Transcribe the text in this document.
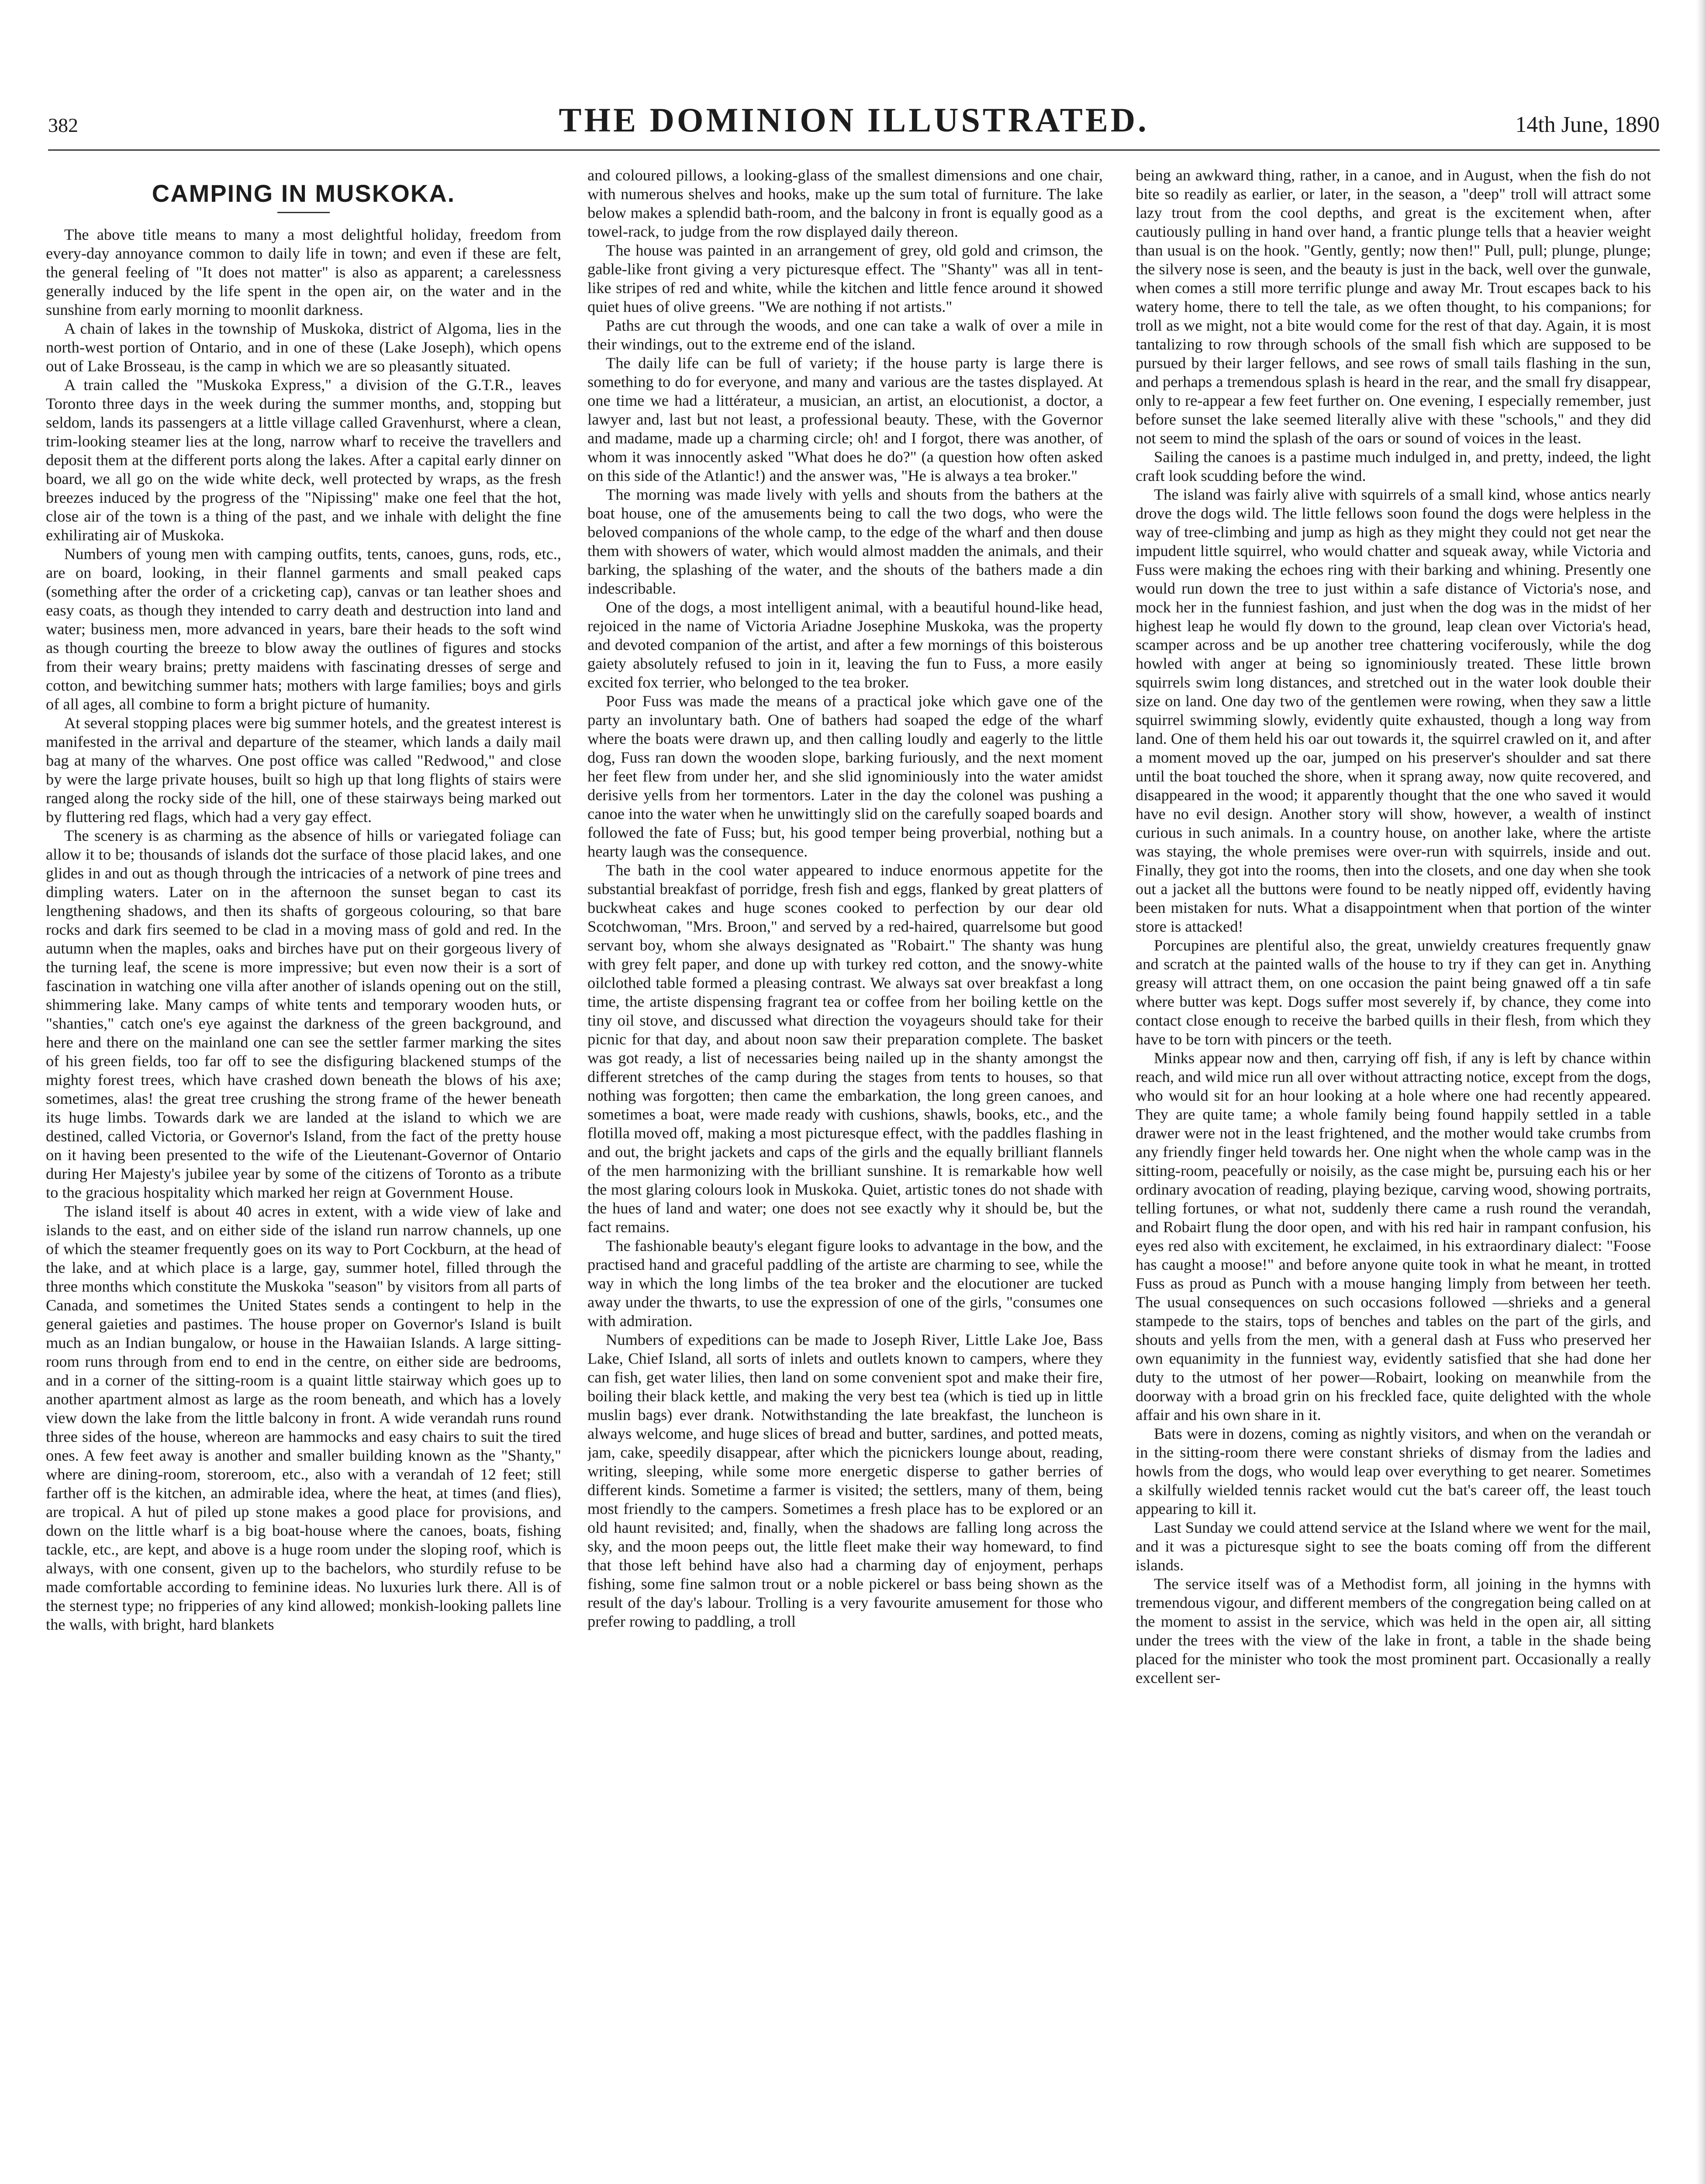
382	THE DOMINION ILLUSTRATED.	14th June, 1890
CAMPING IN MUSKOKA.

The above title means to many a most delightful holiday, freedom from every-day annoyance common to daily life in town; and even if these are felt, the general feeling of "It does not matter" is also as apparent; a carelessness generally induced by the life spent in the open air, on the water and in the sunshine from early morning to moonlit darkness.

A chain of lakes in the township of Muskoka, district of Algoma, lies in the north-west portion of Ontario, and in one of these (Lake Joseph), which opens out of Lake Brosseau, is the camp in which we are so pleasantly situated.

A train called the "Muskoka Express," a division of the G.T.R., leaves Toronto three days in the week during the summer months, and, stopping but seldom, lands its passengers at a little village called Gravenhurst, where a clean, trim-looking steamer lies at the long, narrow wharf to receive the travellers and deposit them at the different ports along the lakes. After a capital early dinner on board, we all go on the wide white deck, well protected by wraps, as the fresh breezes induced by the progress of the "Nipissing" make one feel that the hot, close air of the town is a thing of the past, and we inhale with delight the fine exhilirating air of Muskoka.

Numbers of young men with camping outfits, tents, canoes, guns, rods, etc., are on board, looking, in their flannel garments and small peaked caps (something after the order of a cricketing cap), canvas or tan leather shoes and easy coats, as though they intended to carry death and destruction into land and water; business men, more advanced in years, bare their heads to the soft wind as though courting the breeze to blow away the outlines of figures and stocks from their weary brains; pretty maidens with fascinating dresses of serge and cotton, and bewitching summer hats; mothers with large families; boys and girls of all ages, all combine to form a bright picture of humanity.

At several stopping places were big summer hotels, and the greatest interest is manifested in the arrival and departure of the steamer, which lands a daily mail bag at many of the wharves. One post office was called "Redwood," and close by were the large private houses, built so high up that long flights of stairs were ranged along the rocky side of the hill, one of these stairways being marked out by fluttering red flags, which had a very gay effect.

The scenery is as charming as the absence of hills or variegated foliage can allow it to be; thousands of islands dot the surface of those placid lakes, and one glides in and out as though through the intricacies of a network of pine trees and dimpling waters. Later on in the afternoon the sunset began to cast its lengthening shadows, and then its shafts of gorgeous colouring, so that bare rocks and dark firs seemed to be clad in a moving mass of gold and red. In the autumn when the maples, oaks and birches have put on their gorgeous livery of the turning leaf, the scene is more impressive; but even now their is a sort of fascination in watching one villa after another of islands opening out on the still, shimmering lake. Many camps of white tents and temporary wooden huts, or "shanties," catch one's eye against the darkness of the green background, and here and there on the mainland one can see the settler farmer marking the sites of his green fields, too far off to see the disfiguring blackened stumps of the mighty forest trees, which have crashed down beneath the blows of his axe; sometimes, alas! the great tree crushing the strong frame of the hewer beneath its huge limbs. Towards dark we are landed at the island to which we are destined, called Victoria, or Governor's Island, from the fact of the pretty house on it having been presented to the wife of the Lieutenant-Governor of Ontario during Her Majesty's jubilee year by some of the citizens of Toronto as a tribute to the gracious hospitality which marked her reign at Government House.

The island itself is about 40 acres in extent, with a wide view of lake and islands to the east, and on either side of the island run narrow channels, up one of which the steamer frequently goes on its way to Port Cockburn, at the head of the lake, and at which place is a large, gay, summer hotel, filled through the three months which constitute the Muskoka "season" by visitors from all parts of Canada, and sometimes the United States sends a contingent to help in the general gaieties and pastimes. The house proper on Governor's Island is built much as an Indian bungalow, or house in the Hawaiian Islands. A large sitting-room runs through from end to end in the centre, on either side are bedrooms, and in a corner of the sitting-room is a quaint little stairway which goes up to another apartment almost as large as the room beneath, and which has a lovely view down the lake from the little balcony in front. A wide verandah runs round three sides of the house, whereon are hammocks and easy chairs to suit the tired ones. A few feet away is another and smaller building known as the "Shanty," where are dining-room, storeroom, etc., also with a verandah of 12 feet; still farther off is the kitchen, an admirable idea, where the heat, at times (and flies), are tropical. A hut of piled up stone makes a good place for provisions, and down on the little wharf is a big boat-house where the canoes, boats, fishing tackle, etc., are kept, and above is a huge room under the sloping roof, which is always, with one consent, given up to the bachelors, who sturdily refuse to be made comfortable according to feminine ideas. No luxuries lurk there. All is of the sternest type; no fripperies of any kind allowed; monkish-looking pallets line the walls, with bright, hard blankets

and coloured pillows, a looking-glass of the smallest dimensions and one chair, with numerous shelves and hooks, make up the sum total of furniture. The lake below makes a splendid bath-room, and the balcony in front is equally good as a towel-rack, to judge from the row displayed daily thereon.

The house was painted in an arrangement of grey, old gold and crimson, the gable-like front giving a very picturesque effect. The "Shanty" was all in tent-like stripes of red and white, while the kitchen and little fence around it showed quiet hues of olive greens. "We are nothing if not artists."

Paths are cut through the woods, and one can take a walk of over a mile in their windings, out to the extreme end of the island.

The daily life can be full of variety; if the house party is large there is something to do for everyone, and many and various are the tastes displayed. At one time we had a littérateur, a musician, an artist, an elocutionist, a doctor, a lawyer and, last but not least, a professional beauty. These, with the Governor and madame, made up a charming circle; oh! and I forgot, there was another, of whom it was innocently asked "What does he do?" (a question how often asked on this side of the Atlantic!) and the answer was, "He is always a tea broker."

The morning was made lively with yells and shouts from the bathers at the boat house, one of the amusements being to call the two dogs, who were the beloved companions of the whole camp, to the edge of the wharf and then douse them with showers of water, which would almost madden the animals, and their barking, the splashing of the water, and the shouts of the bathers made a din indescribable.

One of the dogs, a most intelligent animal, with a beautiful hound-like head, rejoiced in the name of Victoria Ariadne Josephine Muskoka, was the property and devoted companion of the artist, and after a few mornings of this boisterous gaiety absolutely refused to join in it, leaving the fun to Fuss, a more easily excited fox terrier, who belonged to the tea broker.

Poor Fuss was made the means of a practical joke which gave one of the party an involuntary bath. One of bathers had soaped the edge of the wharf where the boats were drawn up, and then calling loudly and eagerly to the little dog, Fuss ran down the wooden slope, barking furiously, and the next moment her feet flew from under her, and she slid ignominiously into the water amidst derisive yells from her tormentors. Later in the day the colonel was pushing a canoe into the water when he unwittingly slid on the carefully soaped boards and followed the fate of Fuss; but, his good temper being proverbial, nothing but a hearty laugh was the consequence.

The bath in the cool water appeared to induce enormous appetite for the substantial breakfast of porridge, fresh fish and eggs, flanked by great platters of buckwheat cakes and huge scones cooked to perfection by our dear old Scotchwoman, "Mrs. Broon," and served by a red-haired, quarrelsome but good servant boy, whom she always designated as "Robairt." The shanty was hung with grey felt paper, and done up with turkey red cotton, and the snowy-white oilclothed table formed a pleasing contrast. We always sat over breakfast a long time, the artiste dispensing fragrant tea or coffee from her boiling kettle on the tiny oil stove, and discussed what direction the voyageurs should take for their picnic for that day, and about noon saw their preparation complete. The basket was got ready, a list of necessaries being nailed up in the shanty amongst the different stretches of the camp during the stages from tents to houses, so that nothing was forgotten; then came the embarkation, the long green canoes, and sometimes a boat, were made ready with cushions, shawls, books, etc., and the flotilla moved off, making a most picturesque effect, with the paddles flashing in and out, the bright jackets and caps of the girls and the equally brilliant flannels of the men harmonizing with the brilliant sunshine. It is remarkable how well the most glaring colours look in Muskoka. Quiet, artistic tones do not shade with the hues of land and water; one does not see exactly why it should be, but the fact remains.

The fashionable beauty's elegant figure looks to advantage in the bow, and the practised hand and graceful paddling of the artiste are charming to see, while the way in which the long limbs of the tea broker and the elocutioner are tucked away under the thwarts, to use the expression of one of the girls, "consumes one with admiration.

Numbers of expeditions can be made to Joseph River, Little Lake Joe, Bass Lake, Chief Island, all sorts of inlets and outlets known to campers, where they can fish, get water lilies, then land on some convenient spot and make their fire, boiling their black kettle, and making the very best tea (which is tied up in little muslin bags) ever drank. Notwithstanding the late breakfast, the luncheon is always welcome, and huge slices of bread and butter, sardines, and potted meats, jam, cake, speedily disappear, after which the picnickers lounge about, reading, writing, sleeping, while some more energetic disperse to gather berries of different kinds. Sometime a farmer is visited; the settlers, many of them, being most friendly to the campers. Sometimes a fresh place has to be explored or an old haunt revisited; and, finally, when the shadows are falling long across the sky, and the moon peeps out, the little fleet make their way homeward, to find that those left behind have also had a charming day of enjoyment, perhaps fishing, some fine salmon trout or a noble pickerel or bass being shown as the result of the day's labour. Trolling is a very favourite amusement for those who prefer rowing to paddling, a troll

being an awkward thing, rather, in a canoe, and in August, when the fish do not bite so readily as earlier, or later, in the season, a "deep" troll will attract some lazy trout from the cool depths, and great is the excitement when, after cautiously pulling in hand over hand, a frantic plunge tells that a heavier weight than usual is on the hook. "Gently, gently; now then!" Pull, pull; plunge, plunge; the silvery nose is seen, and the beauty is just in the back, well over the gunwale, when comes a still more terrific plunge and away Mr. Trout escapes back to his watery home, there to tell the tale, as we often thought, to his companions; for troll as we might, not a bite would come for the rest of that day. Again, it is most tantalizing to row through schools of the small fish which are supposed to be pursued by their larger fellows, and see rows of small tails flashing in the sun, and perhaps a tremendous splash is heard in the rear, and the small fry disappear, only to re-appear a few feet further on. One evening, I especially remember, just before sunset the lake seemed literally alive with these "schools," and they did not seem to mind the splash of the oars or sound of voices in the least.

Sailing the canoes is a pastime much indulged in, and pretty, indeed, the light craft look scudding before the wind.

The island was fairly alive with squirrels of a small kind, whose antics nearly drove the dogs wild. The little fellows soon found the dogs were helpless in the way of tree-climbing and jump as high as they might they could not get near the impudent little squirrel, who would chatter and squeak away, while Victoria and Fuss were making the echoes ring with their barking and whining. Presently one would run down the tree to just within a safe distance of Victoria's nose, and mock her in the funniest fashion, and just when the dog was in the midst of her highest leap he would fly down to the ground, leap clean over Victoria's head, scamper across and be up another tree chattering vociferously, while the dog howled with anger at being so ignominiously treated. These little brown squirrels swim long distances, and stretched out in the water look double their size on land. One day two of the gentlemen were rowing, when they saw a little squirrel swimming slowly, evidently quite exhausted, though a long way from land. One of them held his oar out towards it, the squirrel crawled on it, and after a moment moved up the oar, jumped on his preserver's shoulder and sat there until the boat touched the shore, when it sprang away, now quite recovered, and disappeared in the wood; it apparently thought that the one who saved it would have no evil design. Another story will show, however, a wealth of instinct curious in such animals. In a country house, on another lake, where the artiste was staying, the whole premises were over-run with squirrels, inside and out. Finally, they got into the rooms, then into the closets, and one day when she took out a jacket all the buttons were found to be neatly nipped off, evidently having been mistaken for nuts. What a disappointment when that portion of the winter store is attacked!

Porcupines are plentiful also, the great, unwieldy creatures frequently gnaw and scratch at the painted walls of the house to try if they can get in. Anything greasy will attract them, on one occasion the paint being gnawed off a tin safe where butter was kept. Dogs suffer most severely if, by chance, they come into contact close enough to receive the barbed quills in their flesh, from which they have to be torn with pincers or the teeth.

Minks appear now and then, carrying off fish, if any is left by chance within reach, and wild mice run all over without attracting notice, except from the dogs, who would sit for an hour looking at a hole where one had recently appeared. They are quite tame; a whole family being found happily settled in a table drawer were not in the least frightened, and the mother would take crumbs from any friendly finger held towards her. One night when the whole camp was in the sitting-room, peacefully or noisily, as the case might be, pursuing each his or her ordinary avocation of reading, playing bezique, carving wood, showing portraits, telling fortunes, or what not, suddenly there came a rush round the verandah, and Robairt flung the door open, and with his red hair in rampant confusion, his eyes red also with excitement, he exclaimed, in his extraordinary dialect: "Foose has caught a moose!" and before anyone quite took in what he meant, in trotted Fuss as proud as Punch with a mouse hanging limply from between her teeth. The usual consequences on such occasions followed —shrieks and a general stampede to the stairs, tops of benches and tables on the part of the girls, and shouts and yells from the men, with a general dash at Fuss who preserved her own equanimity in the funniest way, evidently satisfied that she had done her duty to the utmost of her power—Robairt, looking on meanwhile from the doorway with a broad grin on his freckled face, quite delighted with the whole affair and his own share in it.

Bats were in dozens, coming as nightly visitors, and when on the verandah or in the sitting-room there were constant shrieks of dismay from the ladies and howls from the dogs, who would leap over everything to get nearer. Sometimes a skilfully wielded tennis racket would cut the bat's career off, the least touch appearing to kill it.

Last Sunday we could attend service at the Island where we went for the mail, and it was a picturesque sight to see the boats coming off from the different islands.

The service itself was of a Methodist form, all joining in the hymns with tremendous vigour, and different members of the congregation being called on at the moment to assist in the service, which was held in the open air, all sitting under the trees with the view of the lake in front, a table in the shade being placed for the minister who took the most prominent part. Occasionally a really excellent ser-
